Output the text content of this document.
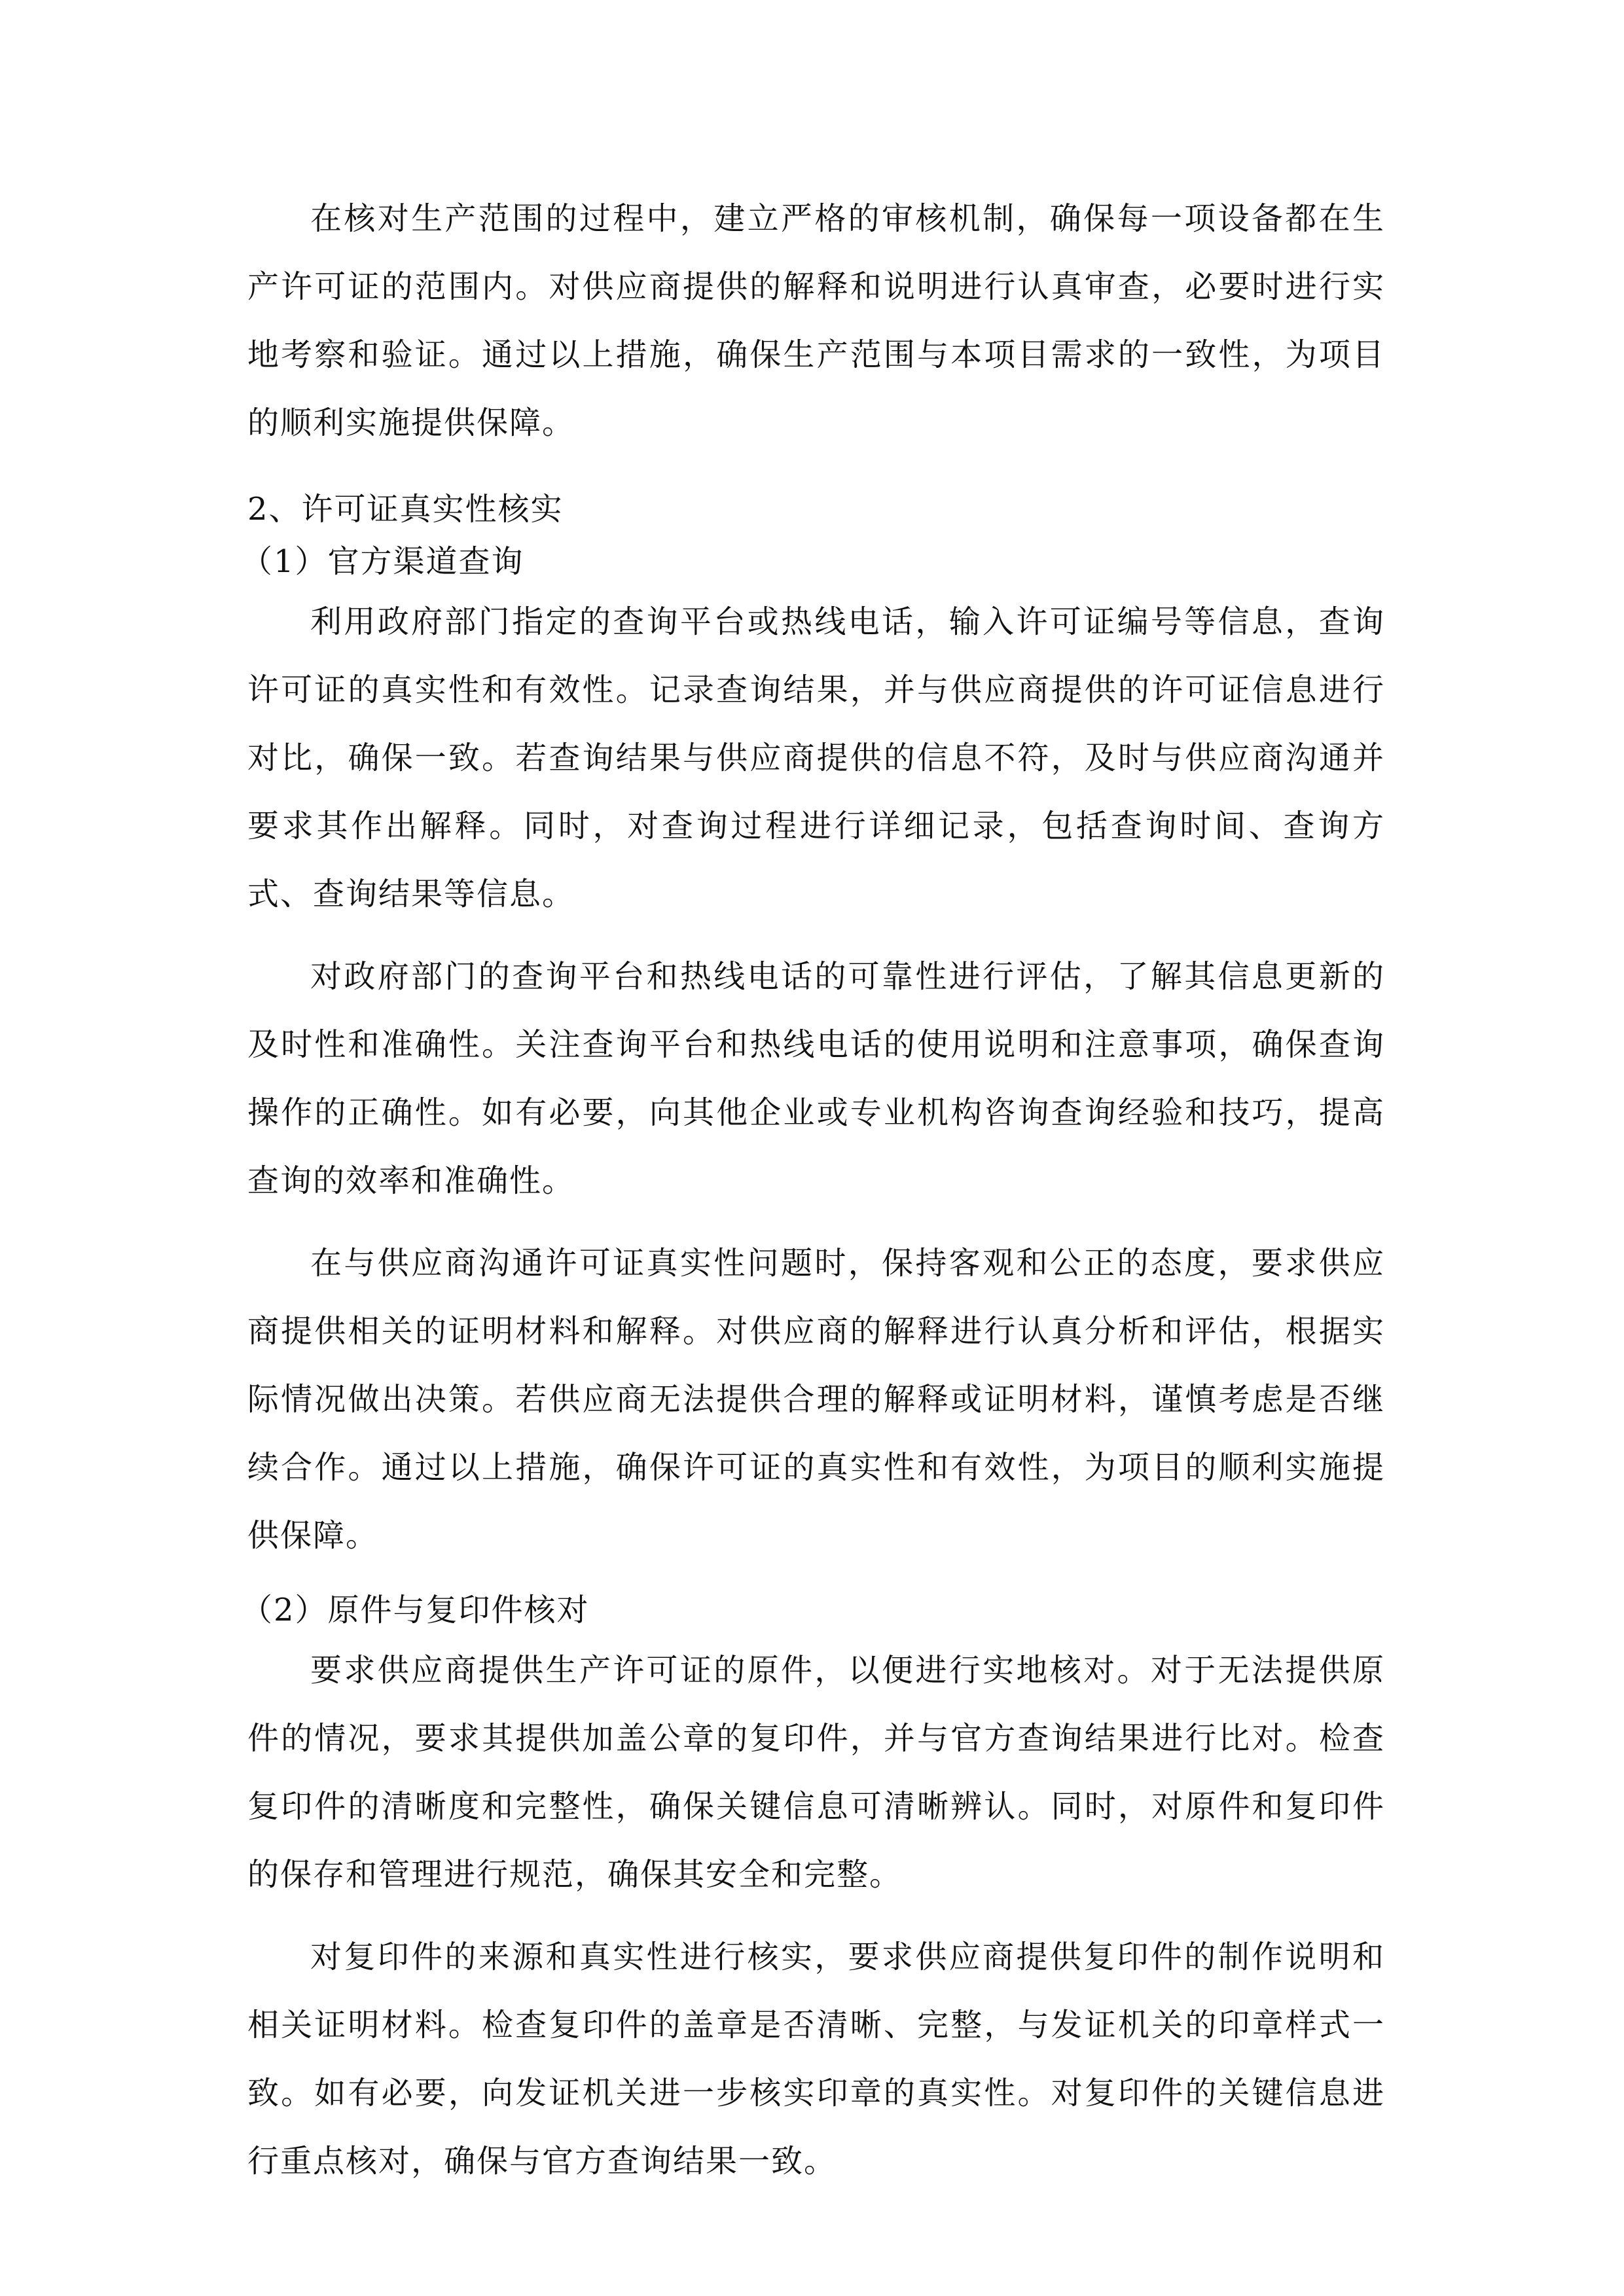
在核对生产范围的过程中，建立严格的审核机制，确保每一项设备都在生产许可证的范围内。对供应商提供的解释和说明进行认真审查，必要时进行实地考察和验证。通过以上措施，确保生产范围与本项目需求的一致性，为项目的顺利实施提供保障。

2、许可证真实性核实

（1）官方渠道查询

利用政府部门指定的查询平台或热线电话，输入许可证编号等信息，查询许可证的真实性和有效性。记录查询结果，并与供应商提供的许可证信息进行对比，确保一致。若查询结果与供应商提供的信息不符，及时与供应商沟通并要求其作出解释。同时，对查询过程进行详细记录，包括查询时间、查询方式、查询结果等信息。

对政府部门的查询平台和热线电话的可靠性进行评估，了解其信息更新的及时性和准确性。关注查询平台和热线电话的使用说明和注意事项，确保查询操作的正确性。如有必要，向其他企业或专业机构咨询查询经验和技巧，提高查询的效率和准确性。

在与供应商沟通许可证真实性问题时，保持客观和公正的态度，要求供应商提供相关的证明材料和解释。对供应商的解释进行认真分析和评估，根据实际情况做出决策。若供应商无法提供合理的解释或证明材料，谨慎考虑是否继续合作。通过以上措施，确保许可证的真实性和有效性，为项目的顺利实施提供保障。

（2）原件与复印件核对

要求供应商提供生产许可证的原件，以便进行实地核对。对于无法提供原件的情况，要求其提供加盖公章的复印件，并与官方查询结果进行比对。检查复印件的清晰度和完整性，确保关键信息可清晰辨认。同时，对原件和复印件的保存和管理进行规范，确保其安全和完整。

对复印件的来源和真实性进行核实，要求供应商提供复印件的制作说明和相关证明材料。检查复印件的盖章是否清晰、完整，与发证机关的印章样式一致。如有必要，向发证机关进一步核实印章的真实性。对复印件的关键信息进行重点核对，确保与官方查询结果一致。
